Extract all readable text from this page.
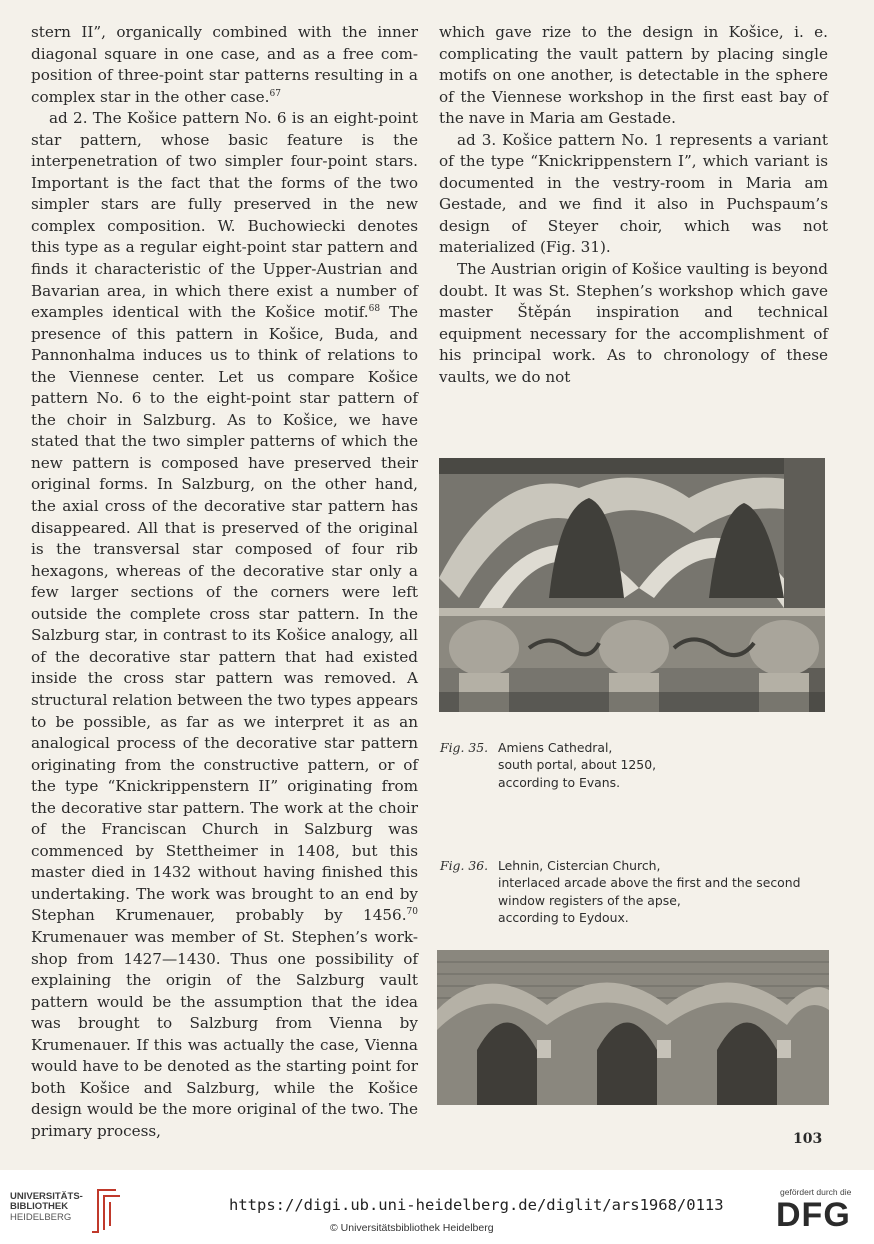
stern II”, organically combined with the inner diagonal square in one case, and as a free com-position of three-point star patterns resulting in a complex star in the other case.$^{67}$

ad 2. The Košice pattern No. 6 is an eight-point star pattern, whose basic feature is the interpenetration of two simpler four-point stars. Important is the fact that the forms of the two simpler stars are fully preserved in the new complex composition. W. Buchowiecki denotes this type as a regular eight-point star pattern and finds it characteristic of the Upper-Austrian and Bavarian area, in which there exist a number of examples identical with the Košice motif.$^{68}$ The presence of this pattern in Košice, Buda, and Pannonhalma induces us to think of relations to the Viennese center. Let us compare Košice pattern No. 6 to the eight-point star pattern of the choir in Salzburg. As to Košice, we have stated that the two simpler patterns of which the new pattern is composed have preserved their original forms. In Salzburg, on the other hand, the axial cross of the decorative star pattern has disappeared. All that is preserved of the original is the transversal star composed of four rib hexagons, whereas of the decorative star only a few larger sections of the corners were left outside the complete cross star pattern. In the Salzburg star, in contrast to its Košice analogy, all of the decorative star pattern that had existed inside the cross star pattern was removed. A structural relation between the two types appears to be possible, as far as we interpret it as an analogical process of the decorative star pattern originating from the constructive pattern, or of the type “Knickrippenstern II” originating from the decorative star pattern. The work at the choir of the Franciscan Church in Salzburg was commenced by Stettheimer in 1408, but this master died in 1432 without having finished this undertaking. The work was brought to an end by Stephan Krumenauer, probably by 1456.70 Krumenauer was member of St. Stephen’s work-shop from 1427—1430. Thus one possibility of explaining the origin of the Salzburg vault pattern would be the assumption that the idea was brought to Salzburg from Vienna by Krumenauer. If this was actually the case, Vienna would have to be denoted as the starting point for both Košice and Salzburg, while the Košice design would be the more original of the two. The primary process,

which gave rize to the design in Košice, i. e. complicating the vault pattern by placing single motifs on one another, is detectable in the sphere of the Viennese workshop in the first east bay of the nave in Maria am Gestade.

ad 3. Košice pattern No. 1 represents a variant of the type “Knickrippenstern I”, which variant is documented in the vestry-room in Maria am Gestade, and we find it also in Puchspaum’s design of Steyer choir, which was not materialized (Fig. 31).

The Austrian origin of Košice vaulting is beyond doubt. It was St. Stephen’s workshop which gave master Štěpán inspiration and technical equipment necessary for the accomplishment of his principal work. As to chronology of these vaults, we do not

Fig. 35. Amiens Cathedral,
south portal, about 1250,
according to Evans.
Fig. 36. Lehnin, Cistercian Church,
interlaced arcade above the first and the second
window registers of the apse,
according to Eydoux.
103
UNIVERSITÄTS-
BIBLIOTHEK
HEIDELBERG
https://digi.ub.uni-heidelberg.de/diglit/ars1968/0113
© Universitätsbibliothek Heidelberg
gefördert durch die
DFG
